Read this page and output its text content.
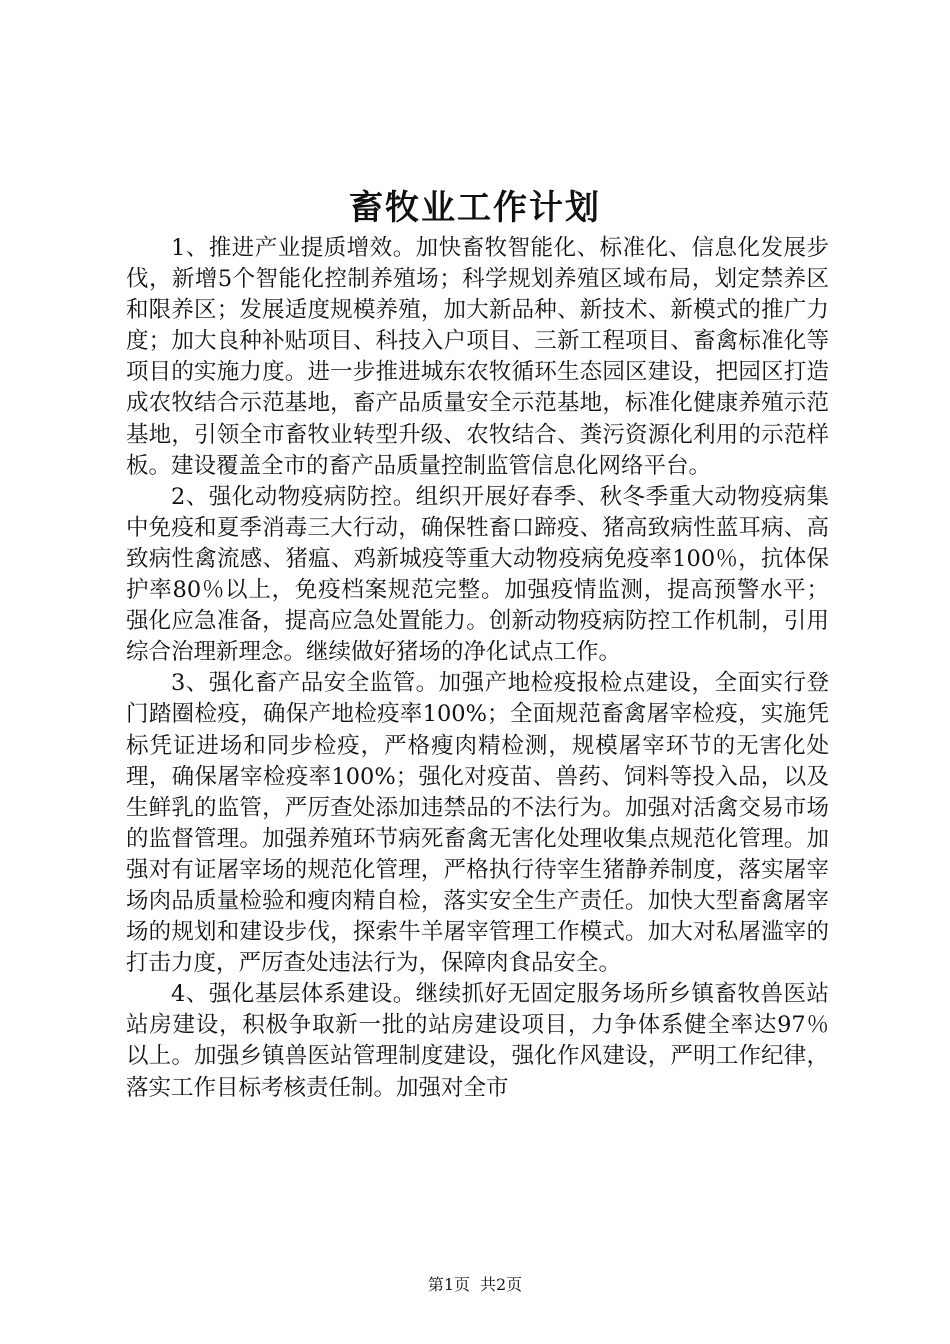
畜牧业工作计划

1、推进产业提质增效。加快畜牧智能化、标准化、信息化发展步伐，新增5个智能化控制养殖场；科学规划养殖区域布局，划定禁养区和限养区；发展适度规模养殖，加大新品种、新技术、新模式的推广力度；加大良种补贴项目、科技入户项目、三新工程项目、畜禽标准化等项目的实施力度。进一步推进城东农牧循环生态园区建设，把园区打造成农牧结合示范基地，畜产品质量安全示范基地，标准化健康养殖示范基地，引领全市畜牧业转型升级、农牧结合、粪污资源化利用的示范样板。建设覆盖全市的畜产品质量控制监管信息化网络平台。

2、强化动物疫病防控。组织开展好春季、秋冬季重大动物疫病集中免疫和夏季消毒三大行动，确保牲畜口蹄疫、猪高致病性蓝耳病、高致病性禽流感、猪瘟、鸡新城疫等重大动物疫病免疫率100％，抗体保护率80％以上，免疫档案规范完整。加强疫情监测，提高预警水平；强化应急准备，提高应急处置能力。创新动物疫病防控工作机制，引用综合治理新理念。继续做好猪场的净化试点工作。

3、强化畜产品安全监管。加强产地检疫报检点建设，全面实行登门踏圈检疫，确保产地检疫率100%；全面规范畜禽屠宰检疫，实施凭标凭证进场和同步检疫，严格瘦肉精检测，规模屠宰环节的无害化处理，确保屠宰检疫率100%；强化对疫苗、兽药、饲料等投入品，以及生鲜乳的监管，严厉查处添加违禁品的不法行为。加强对活禽交易市场的监督管理。加强养殖环节病死畜禽无害化处理收集点规范化管理。加强对有证屠宰场的规范化管理，严格执行待宰生猪静养制度，落实屠宰场肉品质量检验和瘦肉精自检，落实安全生产责任。加快大型畜禽屠宰场的规划和建设步伐，探索牛羊屠宰管理工作模式。加大对私屠滥宰的打击力度，严厉查处违法行为，保障肉食品安全。

4、强化基层体系建设。继续抓好无固定服务场所乡镇畜牧兽医站站房建设，积极争取新一批的站房建设项目，力争体系健全率达97％以上。加强乡镇兽医站管理制度建设，强化作风建设，严明工作纪律，落实工作目标考核责任制。加强对全市

第1页 共2页
